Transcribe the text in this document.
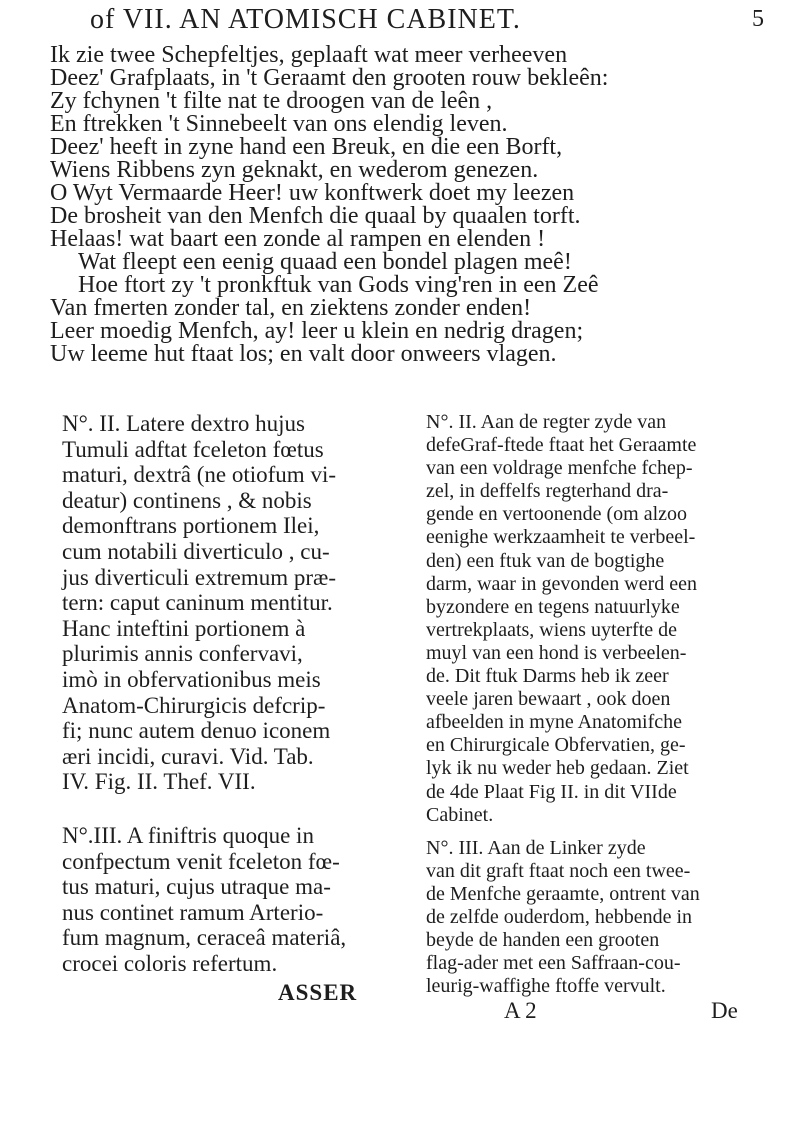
of VII. AN ATOMISCH CABINET.	5
Ik zie twee Schepfeltjes, geplaaft wat meer verheeven
Deez' Grafplaats, in 't Geraamt den grooten rouw bekleên:
Zy fchynen 't filte nat te droogen van de leên ,
En ftrekken 't Sinnebeelt van ons elendig leven.
Deez' heeft in zyne hand een Breuk, en die een Borft,
Wiens Ribbens zyn geknakt, en wederom genezen.
O Wyt Vermaarde Heer! uw konftwerk doet my leezen
De brosheit van den Menfch die quaal by quaalen torft.
Helaas! wat baart een zonde al rampen en elenden !
Wat fleept een eenig quaad een bondel plagen meê!
Hoe ftort zy 't pronkftuk van Gods ving'ren in een Zeê
Van fmerten zonder tal, en ziektens zonder enden!
Leer moedig Menfch, ay! leer u klein en nedrig dragen;
Uw leeme hut ftaat los; en valt door onweers vlagen.

N°. II. Latere dextro hujus
Tumuli adftat fceleton fœtus
maturi, dextrâ (ne otiofum vi-
deatur) continens , & nobis
demonftrans portionem Ilei,
cum notabili diverticulo , cu-
jus diverticuli extremum præ-
tern: caput caninum mentitur.
Hanc inteftini portionem à
plurimis annis confervavi,
imò in obfervationibus meis
Anatom-Chirurgicis defcrip-
fi; nunc autem denuo iconem
æri incidi, curavi. Vid. Tab.
IV. Fig. II. Thef. VII.

N°.III. A finiftris quoque in
confpectum venit fceleton fœ-
tus maturi, cujus utraque ma-
nus continet ramum Arterio-
fum magnum, ceraceâ materiâ,
crocei coloris refertum.

ASSER

N°. II. Aan de regter zyde van
defeGraf-ftede ftaat het Geraamte
van een voldrage menfche fchep-
zel, in deffelfs regterhand dra-
gende en vertoonende (om alzoo
eenighe werkzaamheit te verbeel-
den) een ftuk van de bogtighe
darm, waar in gevonden werd een
byzondere en tegens natuurlyke
vertrekplaats, wiens uyterfte de
muyl van een hond is verbeelen-
de. Dit ftuk Darms heb ik zeer
veele jaren bewaart , ook doen
afbeelden in myne Anatomifche
en Chirurgicale Obfervatien, ge-
lyk ik nu weder heb gedaan. Ziet
de 4de Plaat Fig II. in dit VIIde
Cabinet.

N°. III. Aan de Linker zyde
van dit graft ftaat noch een twee-
de Menfche geraamte, ontrent van
de zelfde ouderdom, hebbende in
beyde de handen een grooten
flag-ader met een Saffraan-cou-
leurig-waffighe ftoffe vervult.

A 2	De
